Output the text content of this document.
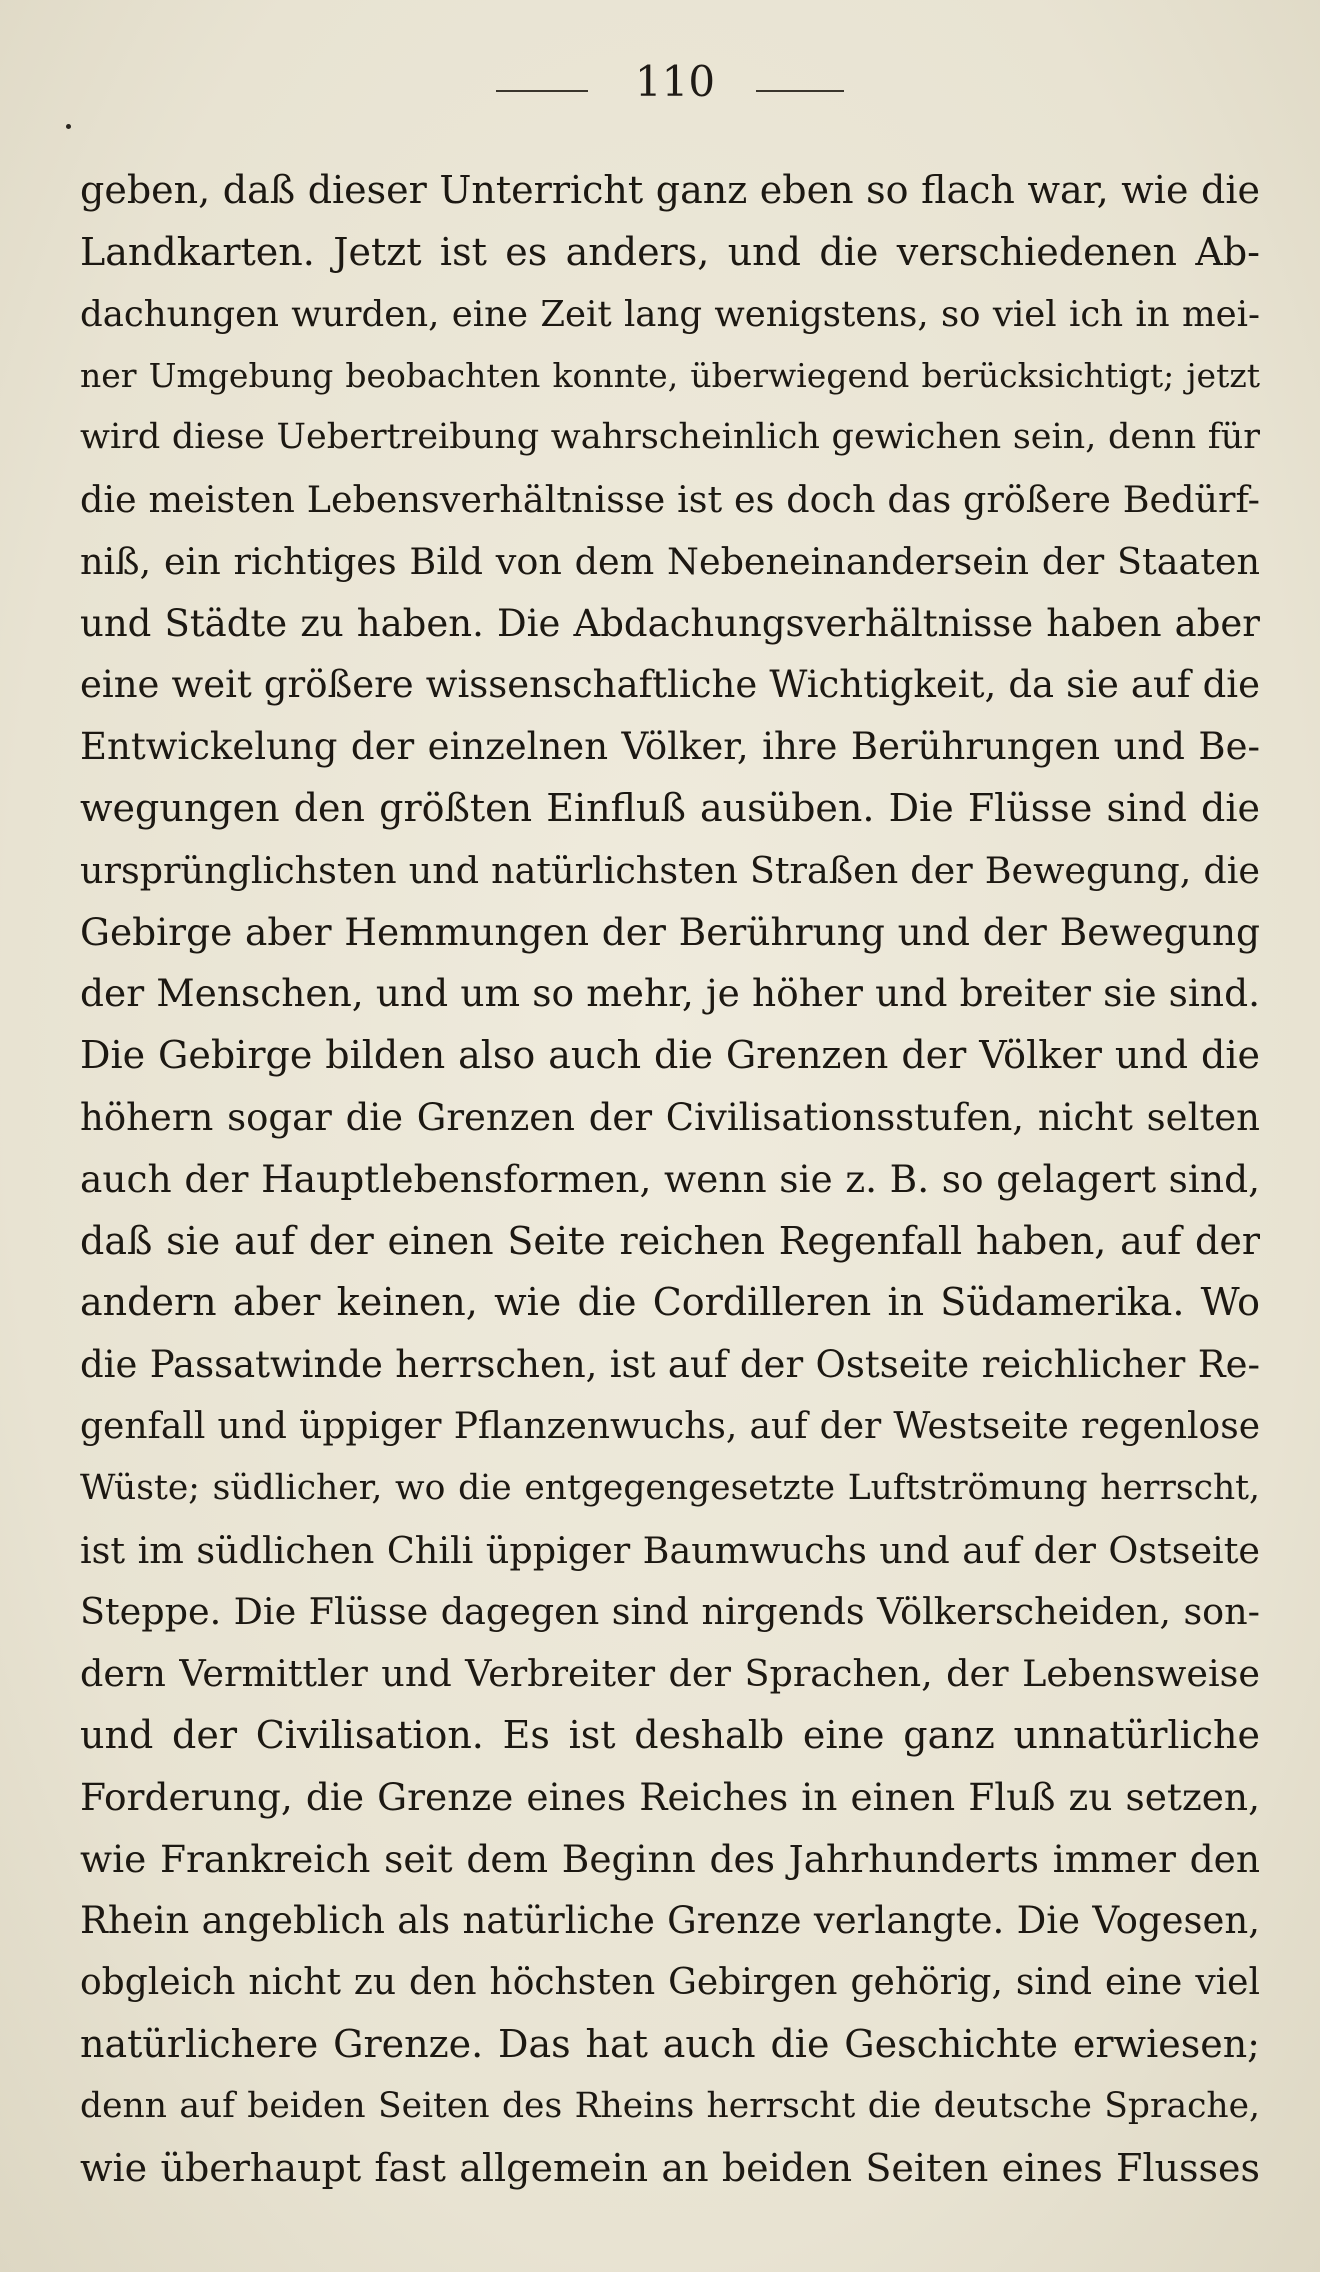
110
geben, daß dieser Unterricht ganz eben so flach war, wie die
Landkarten. Jetzt ist es anders, und die verschiedenen Ab-
dachungen wurden, eine Zeit lang wenigstens, so viel ich in mei-
ner Umgebung beobachten konnte, überwiegend berücksichtigt; jetzt
wird diese Uebertreibung wahrscheinlich gewichen sein, denn für
die meisten Lebensverhältnisse ist es doch das größere Bedürf-
niß, ein richtiges Bild von dem Nebeneinandersein der Staaten
und Städte zu haben. Die Abdachungsverhältnisse haben aber
eine weit größere wissenschaftliche Wichtigkeit, da sie auf die
Entwickelung der einzelnen Völker, ihre Berührungen und Be-
wegungen den größten Einfluß ausüben. Die Flüsse sind die
ursprünglichsten und natürlichsten Straßen der Bewegung, die
Gebirge aber Hemmungen der Berührung und der Bewegung
der Menschen, und um so mehr, je höher und breiter sie sind.
Die Gebirge bilden also auch die Grenzen der Völker und die
höhern sogar die Grenzen der Civilisationsstufen, nicht selten
auch der Hauptlebensformen, wenn sie z. B. so gelagert sind,
daß sie auf der einen Seite reichen Regenfall haben, auf der
andern aber keinen, wie die Cordilleren in Südamerika. Wo
die Passatwinde herrschen, ist auf der Ostseite reichlicher Re-
genfall und üppiger Pflanzenwuchs, auf der Westseite regenlose
Wüste; südlicher, wo die entgegengesetzte Luftströmung herrscht,
ist im südlichen Chili üppiger Baumwuchs und auf der Ostseite
Steppe. Die Flüsse dagegen sind nirgends Völkerscheiden, son-
dern Vermittler und Verbreiter der Sprachen, der Lebensweise
und der Civilisation. Es ist deshalb eine ganz unnatürliche
Forderung, die Grenze eines Reiches in einen Fluß zu setzen,
wie Frankreich seit dem Beginn des Jahrhunderts immer den
Rhein angeblich als natürliche Grenze verlangte. Die Vogesen,
obgleich nicht zu den höchsten Gebirgen gehörig, sind eine viel
natürlichere Grenze. Das hat auch die Geschichte erwiesen;
denn auf beiden Seiten des Rheins herrscht die deutsche Sprache,
wie überhaupt fast allgemein an beiden Seiten eines Flusses
